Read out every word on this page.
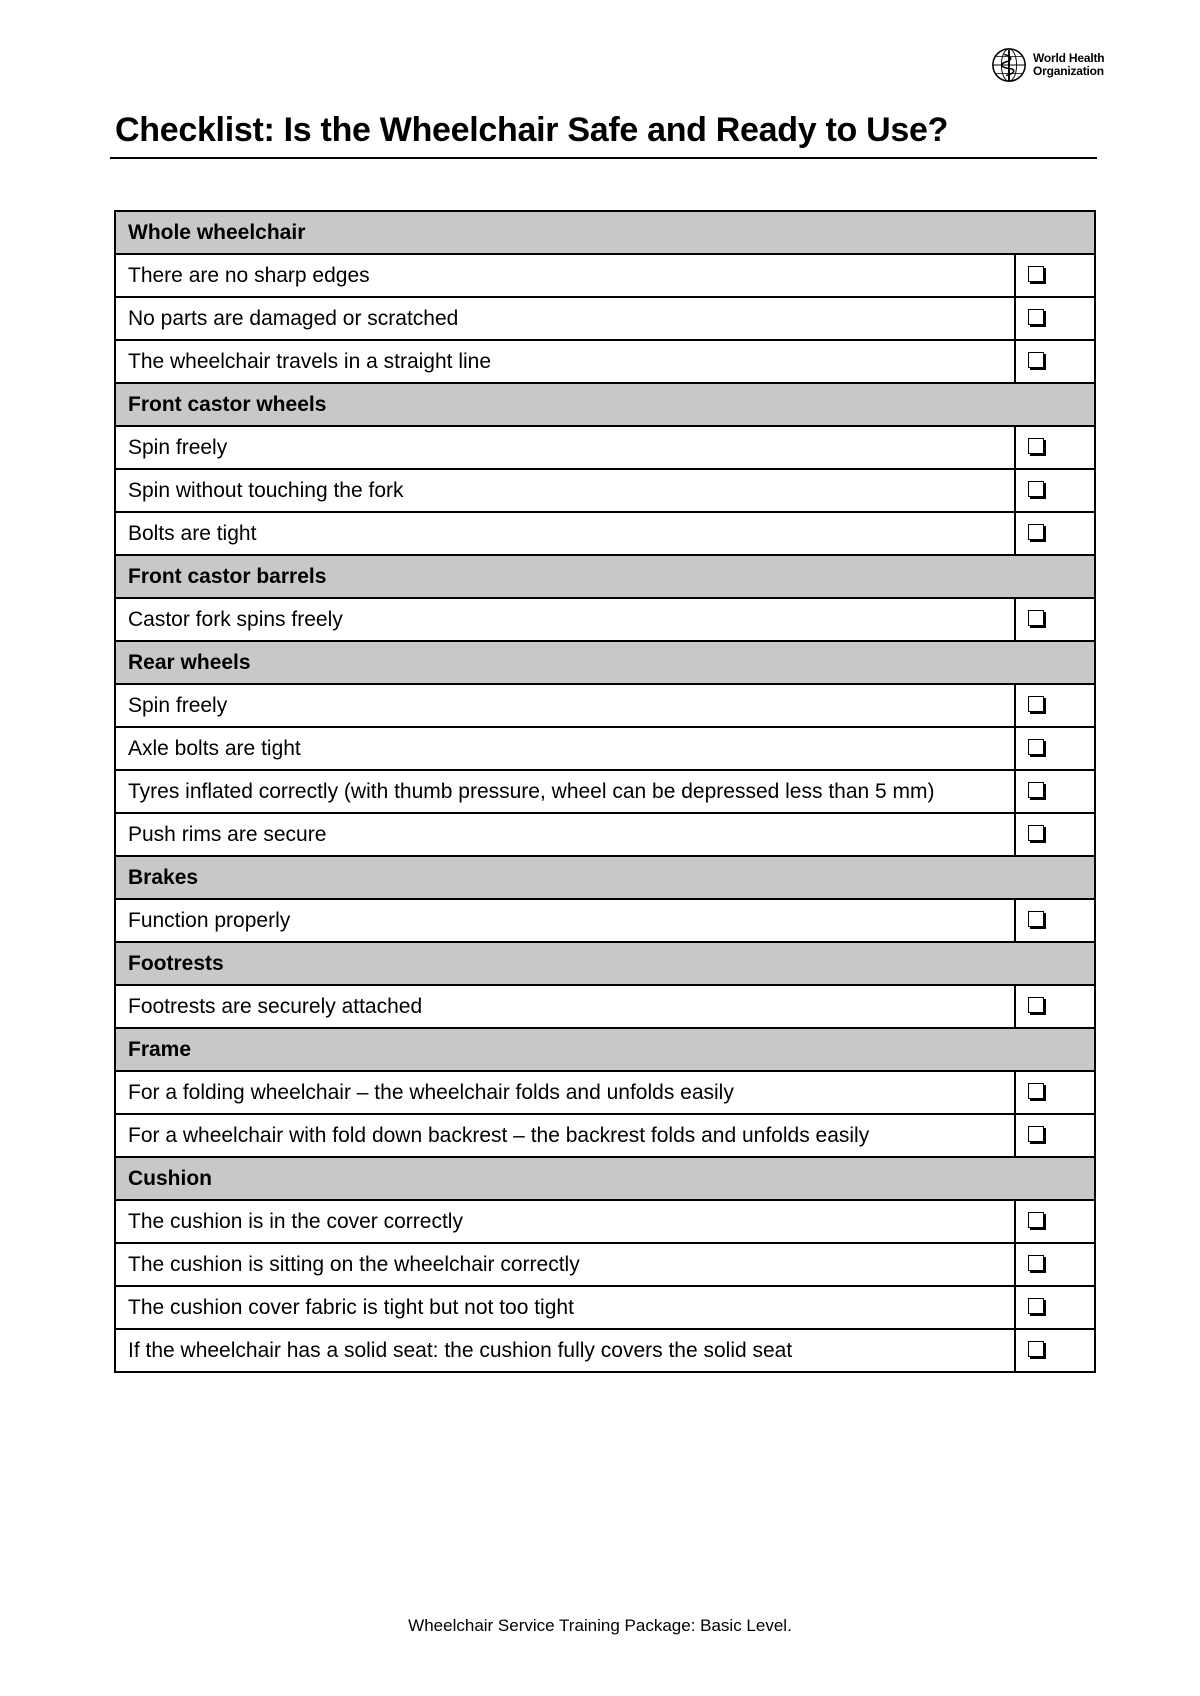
World Health
Organization
Checklist: Is the Wheelchair Safe and Ready to Use?
Whole wheelchair	
There are no sharp edges	
No parts are damaged or scratched	
The wheelchair travels in a straight line	
Front castor wheels	
Spin freely	
Spin without touching the fork	
Bolts are tight	
Front castor barrels	
Castor fork spins freely	
Rear wheels	
Spin freely	
Axle bolts are tight	
Tyres inflated correctly (with thumb pressure, wheel can be depressed less than 5 mm)	
Push rims are secure	
Brakes	
Function properly	
Footrests	
Footrests are securely attached	
Frame	
For a folding wheelchair – the wheelchair folds and unfolds easily	
For a wheelchair with fold down backrest – the backrest folds and unfolds easily	
Cushion	
The cushion is in the cover correctly	
The cushion is sitting on the wheelchair correctly	
The cushion cover fabric is tight but not too tight	
If the wheelchair has a solid seat: the cushion fully covers the solid seat	
Wheelchair Service Training Package: Basic Level.
